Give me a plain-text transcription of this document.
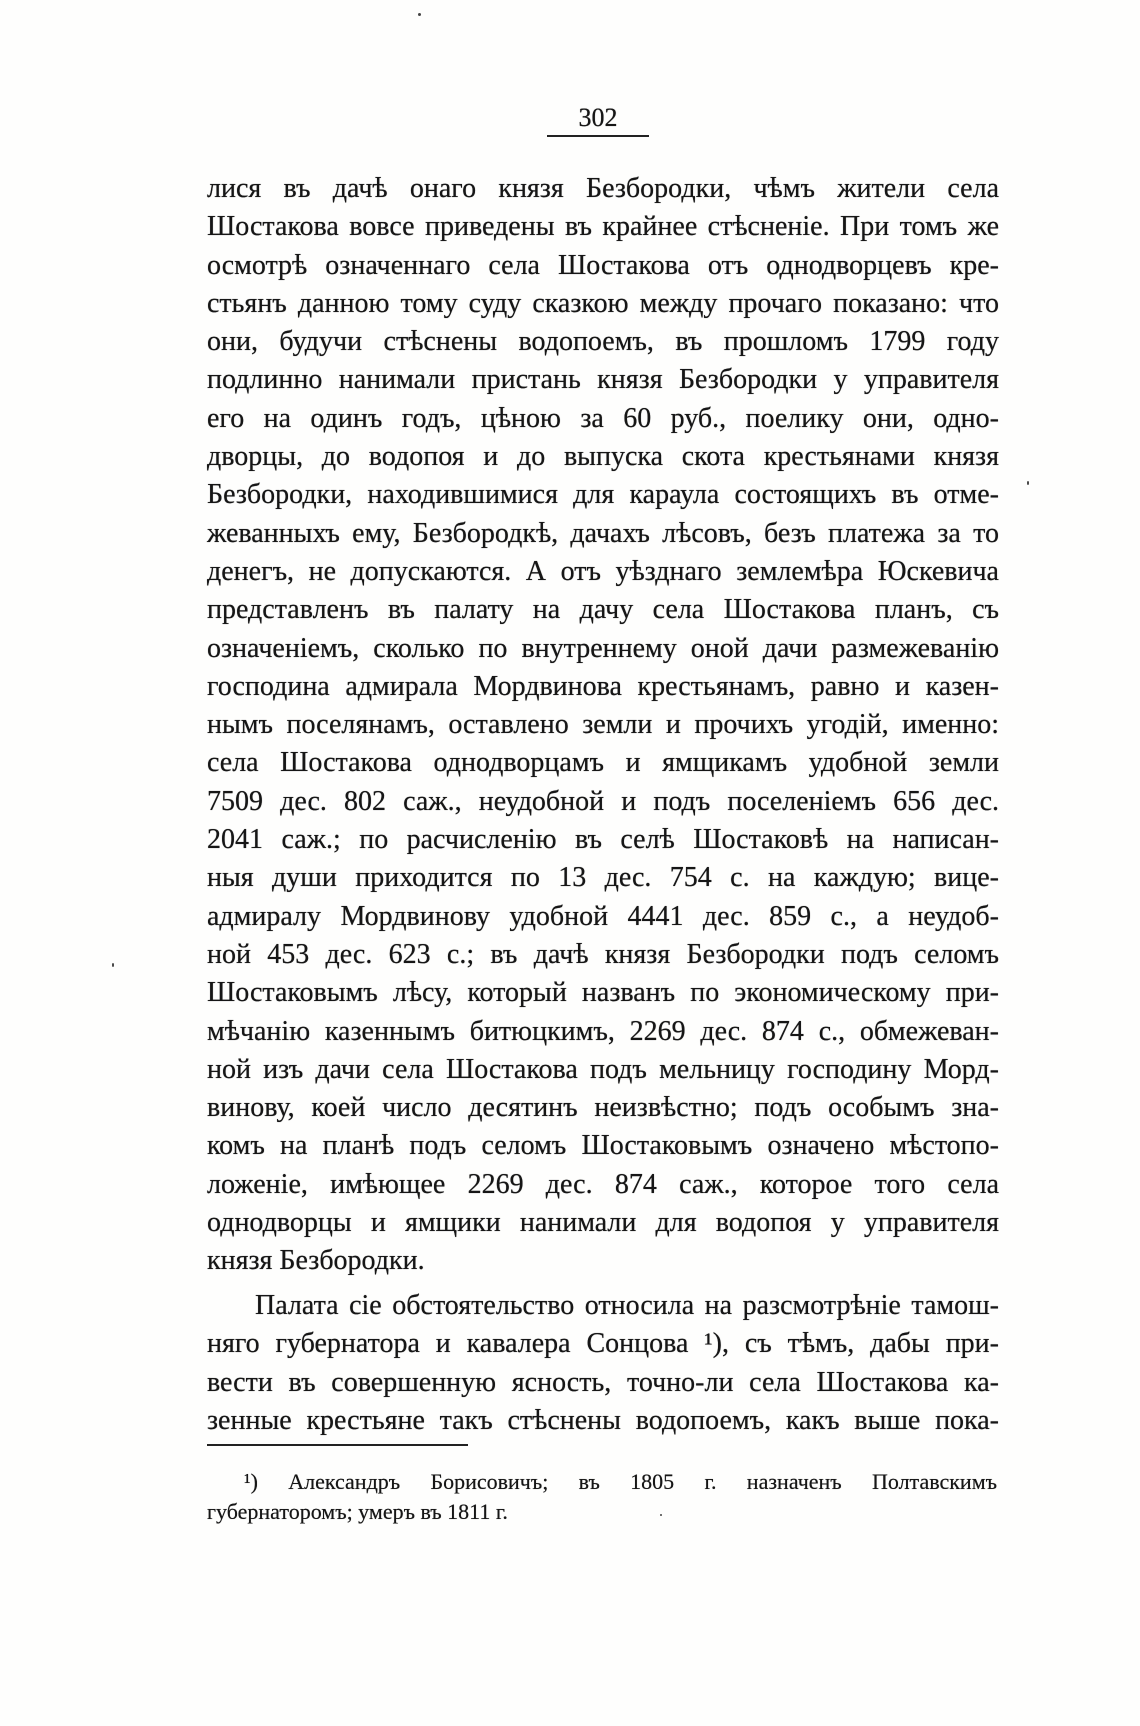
302
лися въ дачѣ онаго князя Безбородки, чѣмъ жители села
Шостакова вовсе приведены въ крайнее стѣсненіе. При томъ же
осмотрѣ означеннаго села Шостакова отъ однодворцевъ кре-
стьянъ данною тому суду сказкою между прочаго показано: что
они, будучи стѣснены водопоемъ, въ прошломъ 1799 году
подлинно нанимали пристань князя Безбородки у управителя
его на одинъ годъ, цѣною за 60 руб., поелику они, одно-
дворцы, до водопоя и до выпуска скота крестьянами князя
Безбородки, находившимися для караула состоящихъ въ отме-
жеванныхъ ему, Безбородкѣ, дачахъ лѣсовъ, безъ платежа за то
денегъ, не допускаются. А отъ уѣзднаго землемѣра Юскевича
представленъ въ палату на дачу села Шостакова планъ, съ
означеніемъ, сколько по внутреннему оной дачи размежеванію
господина адмирала Мордвинова крестьянамъ, равно и казен-
нымъ поселянамъ, оставлено земли и прочихъ угодій, именно:
села Шостакова однодворцамъ и ямщикамъ удобной земли
7509 дес. 802 саж., неудобной и подъ поселеніемъ 656 дес.
2041 саж.; по расчисленію въ селѣ Шостаковѣ на написан-
ныя души приходится по 13 дес. 754 с. на каждую; вице-
адмиралу Мордвинову удобной 4441 дес. 859 с., а неудоб-
ной 453 дес. 623 с.; въ дачѣ князя Безбородки подъ селомъ
Шостаковымъ лѣсу, который названъ по экономическому при-
мѣчанію казеннымъ битюцкимъ, 2269 дес. 874 с., обмежеван-
ной изъ дачи села Шостакова подъ мельницу господину Морд-
винову, коей число десятинъ неизвѣстно; подъ особымъ зна-
комъ на планѣ подъ селомъ Шостаковымъ означено мѣстопо-
ложеніе, имѣющее 2269 дес. 874 саж., которое того села
однодворцы и ямщики нанимали для водопоя у управителя
князя Безбородки.
Палата сіе обстоятельство относила на разсмотрѣніе тамош-
няго губернатора и кавалера Сонцова ¹), съ тѣмъ, дабы при-
вести въ совершенную ясность, точно-ли села Шостакова ка-
зенные крестьяне такъ стѣснены водопоемъ, какъ выше пока-
¹) Александръ Борисовичъ; въ 1805 г. назначенъ Полтавскимъ
губернаторомъ; умеръ въ 1811 г.
